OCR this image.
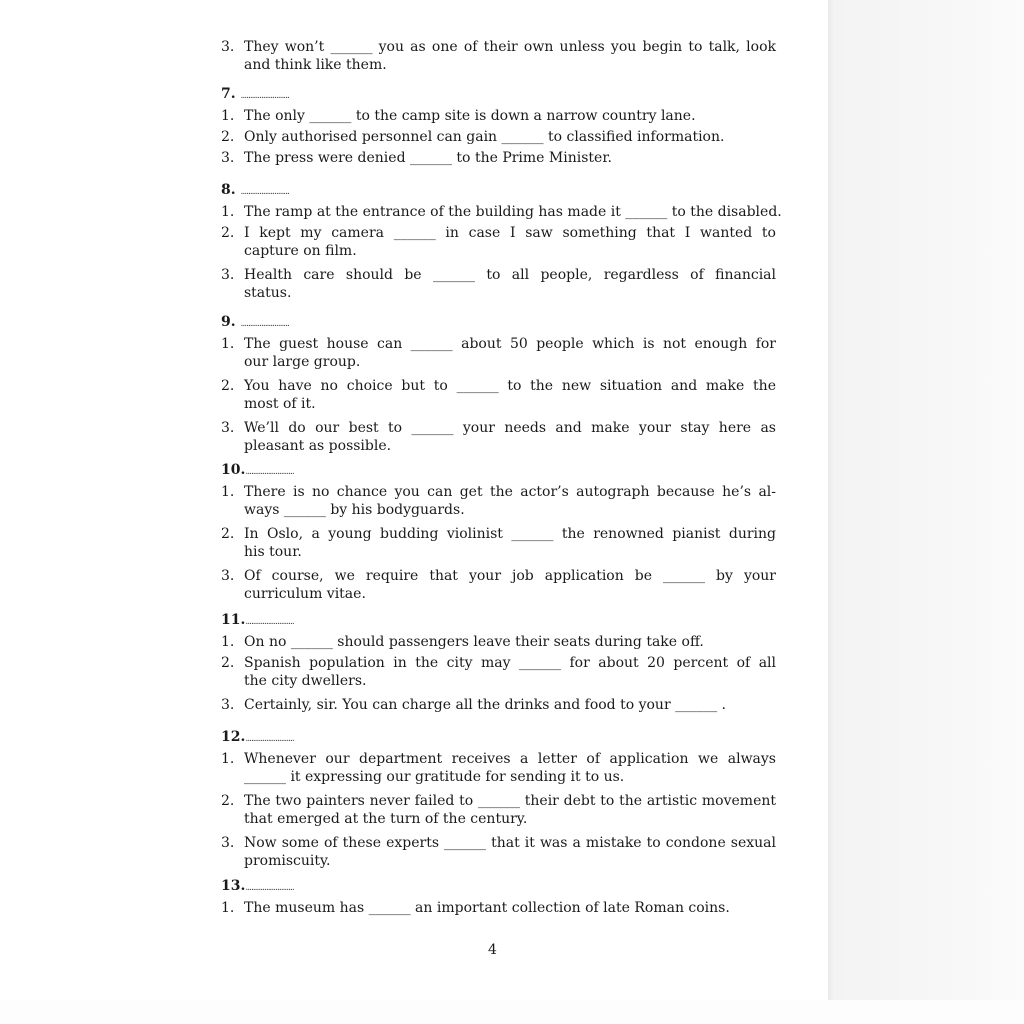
3. They won’t ______ you as one of their own unless you begin to talk, look
and think like them.
7. ..........................
1. The only ______ to the camp site is down a narrow country lane.
2. Only authorised personnel can gain ______ to classified information.
3. The press were denied ______ to the Prime Minister.
8. ..........................
1. The ramp at the entrance of the building has made it ______ to the disabled.
2. I kept my camera ______ in case I saw something that I wanted to
capture on film.
3. Health care should be ______ to all people, regardless of financial
status.
9. ..........................
1. The guest house can ______ about 50 people which is not enough for
our large group.
2. You have no choice but to ______ to the new situation and make the
most of it.
3. We’ll do our best to ______ your needs and make your stay here as
pleasant as possible.
10...........................
1. There is no chance you can get the actor’s autograph because he’s al-
ways ______ by his bodyguards.
2. In Oslo, a young budding violinist ______ the renowned pianist during
his tour.
3. Of course, we require that your job application be ______ by your
curriculum vitae.
11...........................
1. On no ______ should passengers leave their seats during take off.
2. Spanish population in the city may ______ for about 20 percent of all
the city dwellers.
3. Certainly, sir. You can charge all the drinks and food to your ______ .
12...........................
1. Whenever our department receives a letter of application we always
______ it expressing our gratitude for sending it to us.
2. The two painters never failed to ______ their debt to the artistic movement
that emerged at the turn of the century.
3. Now some of these experts ______ that it was a mistake to condone sexual
promiscuity.
13...........................
1. The museum has ______ an important collection of late Roman coins.
4
